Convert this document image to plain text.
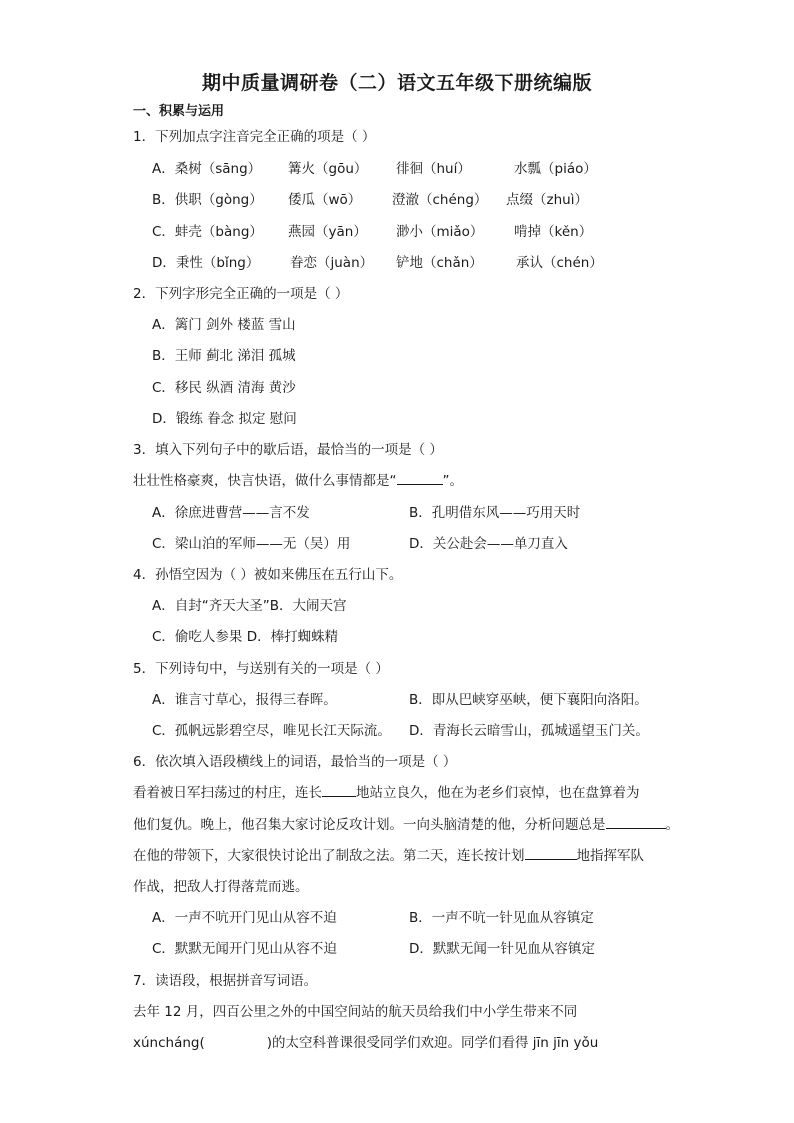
期中质量调研卷（二）语文五年级下册统编版
一、积累与运用
1．下列加点字注音完全正确的项是（ ）
A．桑树（sāng） 篝火（gōu） 徘徊（huí）	水瓢（piáo）
B．供职（gòng） 倭瓜（wō） 澄澈（chéng） 点缀（zhuì）
C．蚌壳（bàng） 燕园（yān） 渺小（miǎo） 啃掉（kěn）
D．秉性（bǐng） 眷恋（juàn） 铲地（chǎn） 承认（chén）
2．下列字形完全正确的一项是（ ）
A．篱门 剑外 楼蓝 雪山
B．王师 蓟北 涕泪 孤城
C．移民 纵酒 清海 黄沙
D．锻练 眷念 拟定 慰问
3．填入下列句子中的歇后语，最恰当的一项是（ ）
壮壮性格豪爽，快言快语，做什么事情都是“	”。
A．徐庶进曹营——言不发	B．孔明借东风——巧用天时
C．梁山泊的军师——无（吴）用	D．关公赴会——单刀直入
4．孙悟空因为（ ）被如来佛压在五行山下。
A．自封“齐天大圣”B．大闹天宫
C．偷吃人参果 D．棒打蜘蛛精
5．下列诗句中，与送别有关的一项是（ ）
A．谁言寸草心，报得三春晖。	B．即从巴峡穿巫峡，便下襄阳向洛阳。
C．孤帆远影碧空尽，唯见长江天际流。 D．青海长云暗雪山，孤城遥望玉门关。
6．依次填入语段横线上的词语，最恰当的一项是（ ）
看着被日军扫荡过的村庄，连长	地站立良久，他在为老乡们哀悼，也在盘算着为
他们复仇。晚上，他召集大家讨论反攻计划。一向头脑清楚的他，分析问题总是	。
在他的带领下，大家很快讨论出了制敌之法。第二天，连长按计划	地指挥军队
作战，把敌人打得落荒而逃。
A．一声不吭开门见山从容不迫	B．一声不吭一针见血从容镇定
C．默默无闻开门见山从容不迫	D．默默无闻一针见血从容镇定
7．读语段，根据拼音写词语。
去年 12 月，四百公里之外的中国空间站的航天员给我们中小学生带来不同
xúncháng(	)的太空科普课很受同学们欢迎。同学们看得 jīn jīn yǒu
